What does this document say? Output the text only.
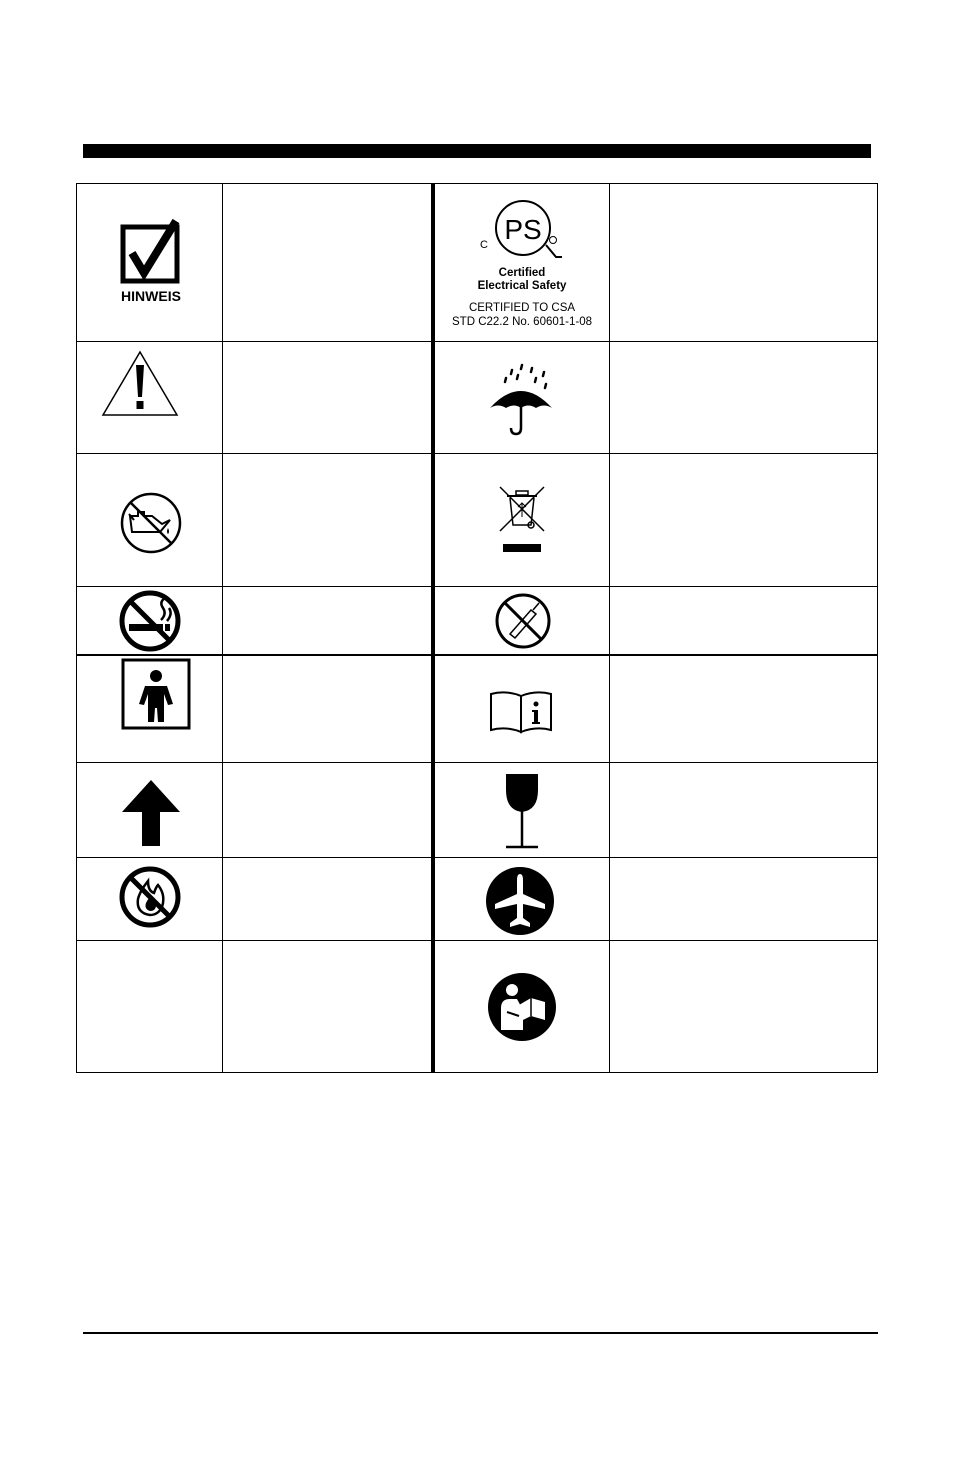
HINWEIS
C PS
Certified
Electrical Safety
CERTIFIED TO CSA
STD C22.2 No. 60601-1-08
